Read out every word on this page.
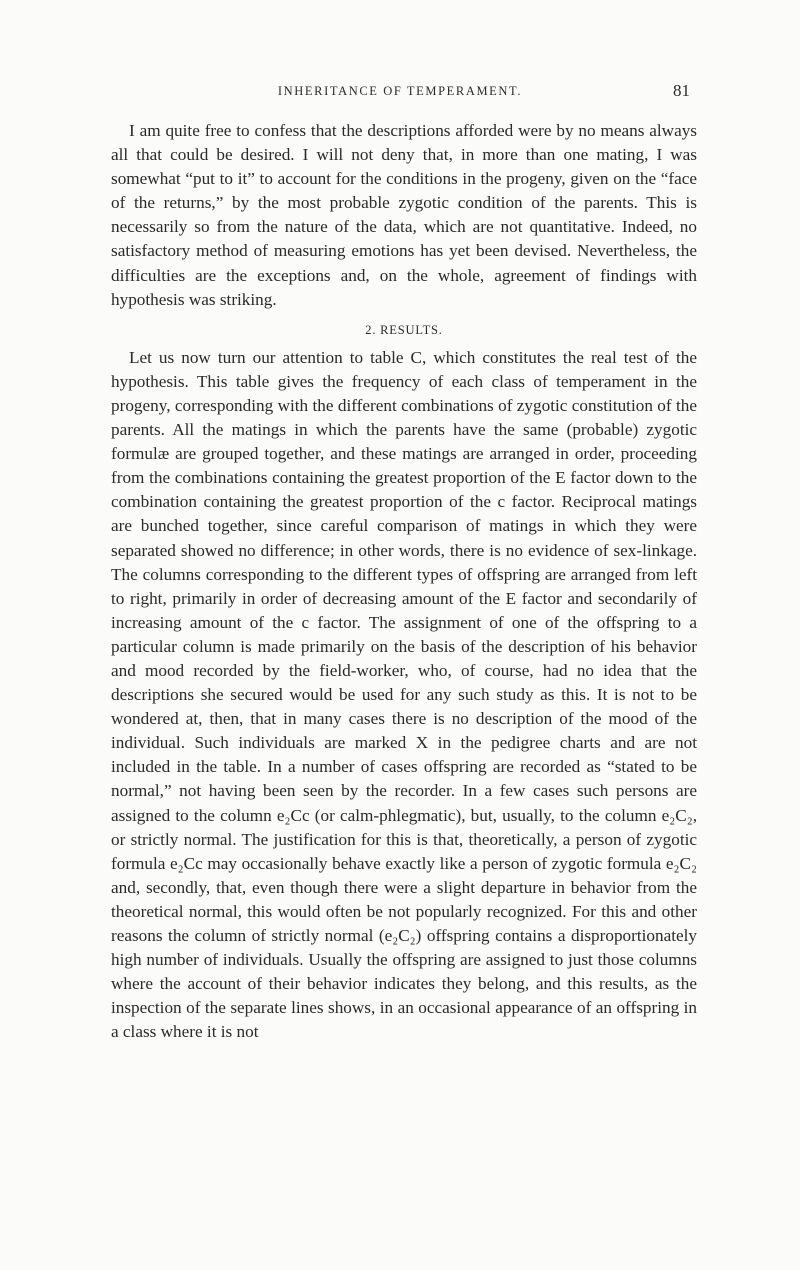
INHERITANCE OF TEMPERAMENT.	81

I am quite free to confess that the descriptions afforded were by no means always all that could be desired. I will not deny that, in more than one mating, I was somewhat “put to it” to account for the conditions in the progeny, given on the “face of the returns,” by the most probable zygotic condition of the parents. This is necessarily so from the nature of the data, which are not quantitative. Indeed, no satisfactory method of measuring emotions has yet been devised. Nevertheless, the difficulties are the exceptions and, on the whole, agreement of findings with hypothesis was striking.

2. RESULTS.

Let us now turn our attention to table C, which constitutes the real test of the hypothesis. This table gives the frequency of each class of temperament in the progeny, corresponding with the different combinations of zygotic constitution of the parents. All the matings in which the parents have the same (probable) zygotic formulæ are grouped together, and these matings are arranged in order, proceeding from the combinations containing the greatest proportion of the E factor down to the combination containing the greatest proportion of the c factor. Reciprocal matings are bunched together, since careful comparison of matings in which they were separated showed no difference; in other words, there is no evidence of sex-linkage. The columns corresponding to the different types of offspring are arranged from left to right, primarily in order of decreasing amount of the E factor and secondarily of increasing amount of the c factor. The assignment of one of the offspring to a particular column is made primarily on the basis of the description of his behavior and mood recorded by the field-worker, who, of course, had no idea that the descriptions she secured would be used for any such study as this. It is not to be wondered at, then, that in many cases there is no description of the mood of the individual. Such individuals are marked X in the pedigree charts and are not included in the table. In a number of cases offspring are recorded as “stated to be normal,” not having been seen by the recorder. In a few cases such persons are assigned to the column e₂Cc (or calm-phlegmatic), but, usually, to the column e₂C₂, or strictly normal. The justification for this is that, theoretically, a person of zygotic formula e₂Cc may occasionally behave exactly like a person of zygotic formula e₂C₂ and, secondly, that, even though there were a slight departure in behavior from the theoretical normal, this would often be not popularly recognized. For this and other reasons the column of strictly normal (e₂C₂) offspring contains a disproportionately high number of individuals. Usually the offspring are assigned to just those columns where the account of their behavior indicates they belong, and this results, as the inspection of the separate lines shows, in an occasional appearance of an offspring in a class where it is not
